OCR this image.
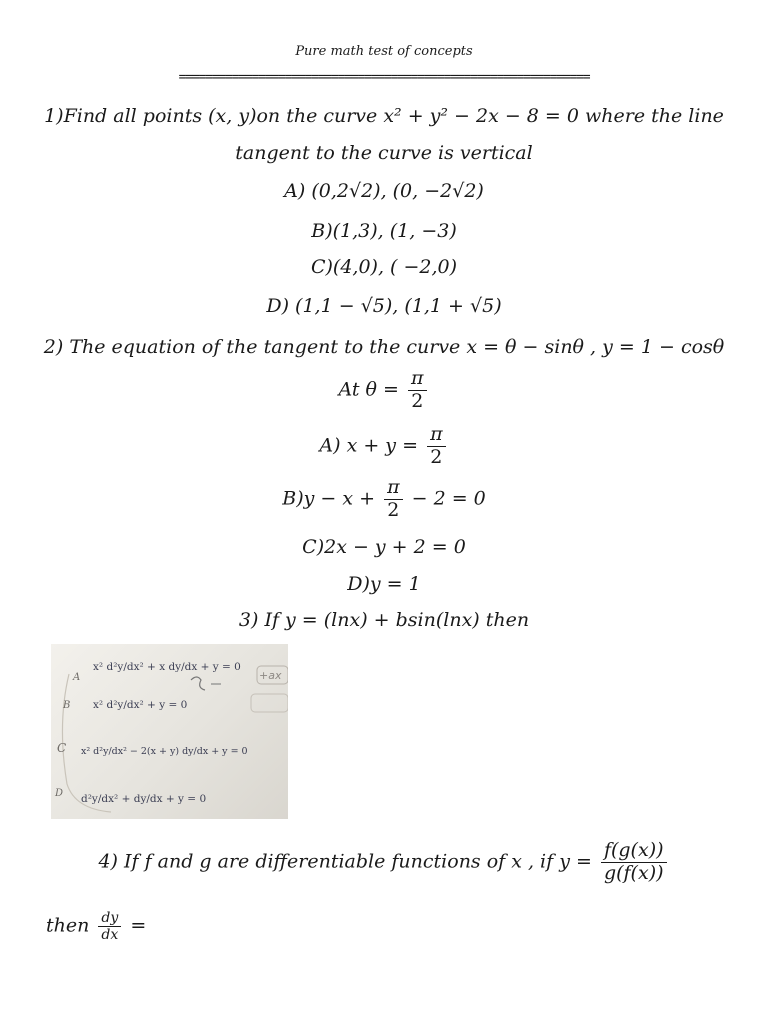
Pure math test of concepts
==============================================================
1)Find all points (x, y)on the curve x² + y² − 2x − 8 = 0 where the line
tangent to the curve is vertical
A) (0,2√2), (0, −2√2)
B)(1,3), (1, −3)
C)(4,0), ( −2,0)
D) (1,1 − √5), (1,1 + √5)
2) The equation of the tangent to the curve x = θ − sinθ , y = 1 − cosθ
At $\theta = \frac{\pi}{2}$
A) $x + y = \frac{\pi}{2}$
$B)y - x + \frac{\pi}{2} - 2 = 0$
C)2x − y + 2 = 0
D)y = 1
3) If y = (lnx) + bsin(lnx) then
A
B
C
D
x² d²y/dx² + x dy/dx + y = 0
x² d²y/dx² + y = 0
x² d²y/dx² − 2(x + y) dy/dx + y = 0
d²y/dx² + dy/dx + y = 0
+ax
4) If f and g are differentiable functions of x , if $y = \frac{f(g(x))}{g(f(x))}$
then $\frac{dy}{dx}$ =
